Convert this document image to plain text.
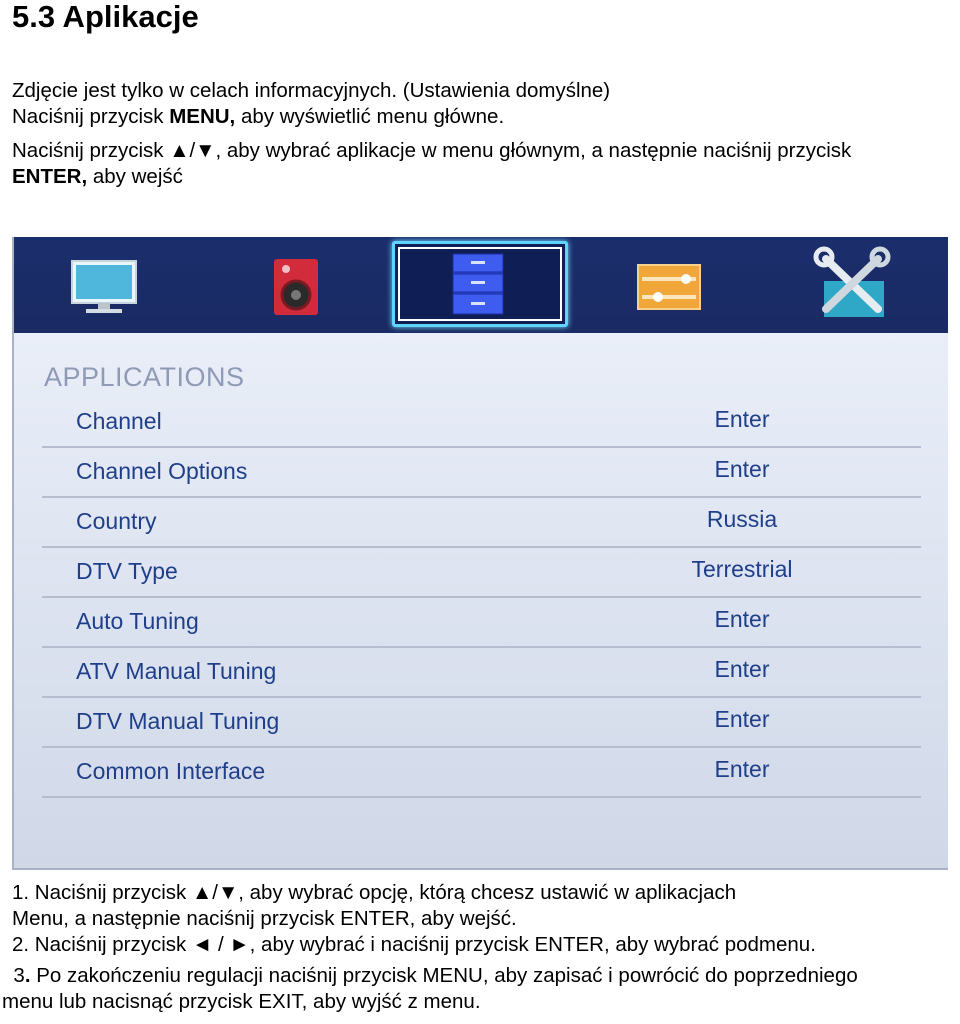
5.3 Aplikacje

Zdjęcie jest tylko w celach informacyjnych. (Ustawienia domyślne)

Naciśnij przycisk MENU, aby wyświetlić menu główne.

Naciśnij przycisk ▲/▼, aby wybrać aplikacje w menu głównym, a następnie naciśnij przycisk

ENTER, aby wejść

APPLICATIONS
Channel	Enter
Channel Options	Enter
Country	Russia
DTV Type	Terrestrial
Auto Tuning	Enter
ATV Manual Tuning	Enter
DTV Manual Tuning	Enter
Common Interface	Enter

1. Naciśnij przycisk ▲/▼, aby wybrać opcję, którą chcesz ustawić w aplikacjach

Menu, a następnie naciśnij przycisk ENTER, aby wejść.

2. Naciśnij przycisk ◄ / ►, aby wybrać i naciśnij przycisk ENTER, aby wybrać podmenu.

3. Po zakończeniu regulacji naciśnij przycisk MENU, aby zapisać i powrócić do poprzedniego

menu lub nacisnąć przycisk EXIT, aby wyjść z menu.
